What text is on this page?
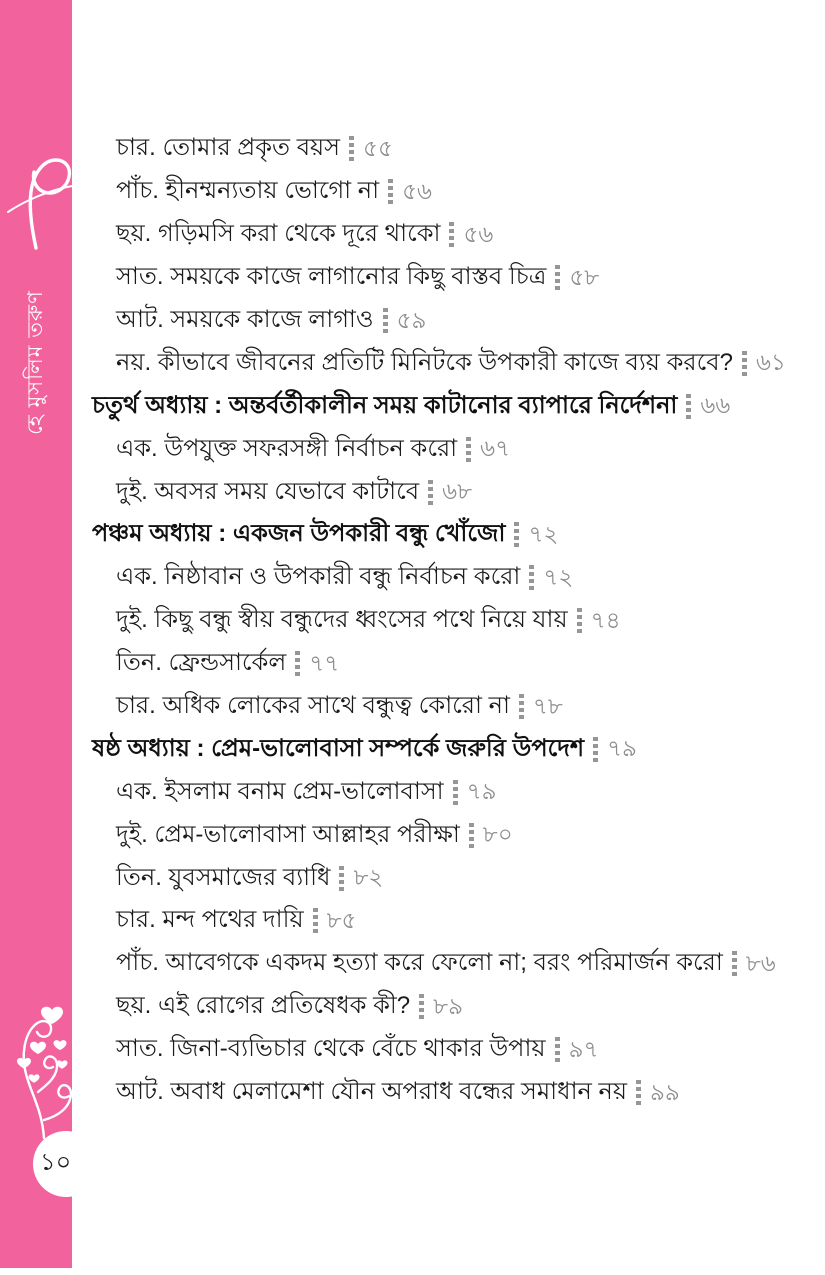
হে মুসলিম তরুণ
১০
চার. তোমার প্রকৃত বয়স ৫৫
পাঁচ. হীনম্মন্যতায় ভোগো না ৫৬
ছয়. গড়িমসি করা থেকে দূরে থাকো ৫৬
সাত. সময়কে কাজে লাগানোর কিছু বাস্তব চিত্র ৫৮
আট. সময়কে কাজে লাগাও ৫৯
নয়. কীভাবে জীবনের প্রতিটি মিনিটকে উপকারী কাজে ব্যয় করবে? ৬১
চতুর্থ অধ্যায় : অন্তর্বর্তীকালীন সময় কাটানোর ব্যাপারে নির্দেশনা ৬৬
এক. উপযুক্ত সফরসঙ্গী নির্বাচন করো ৬৭
দুই. অবসর সময় যেভাবে কাটাবে ৬৮
পঞ্চম অধ্যায় : একজন উপকারী বন্ধু খোঁজো ৭২
এক. নিষ্ঠাবান ও উপকারী বন্ধু নির্বাচন করো ৭২
দুই. কিছু বন্ধু স্বীয় বন্ধুদের ধ্বংসের পথে নিয়ে যায় ৭৪
তিন. ফ্রেন্ডসার্কেল ৭৭
চার. অধিক লোকের সাথে বন্ধুত্ব কোরো না ৭৮
ষষ্ঠ অধ্যায় : প্রেম-ভালোবাসা সম্পর্কে জরুরি উপদেশ ৭৯
এক. ইসলাম বনাম প্রেম-ভালোবাসা ৭৯
দুই. প্রেম-ভালোবাসা আল্লাহর পরীক্ষা ৮০
তিন. যুবসমাজের ব্যাধি ৮২
চার. মন্দ পথের দায়ি ৮৫
পাঁচ. আবেগকে একদম হত্যা করে ফেলো না; বরং পরিমার্জন করো ৮৬
ছয়. এই রোগের প্রতিষেধক কী? ৮৯
সাত. জিনা-ব্যভিচার থেকে বেঁচে থাকার উপায় ৯৭
আট. অবাধ মেলামেশা যৌন অপরাধ বন্ধের সমাধান নয় ৯৯
